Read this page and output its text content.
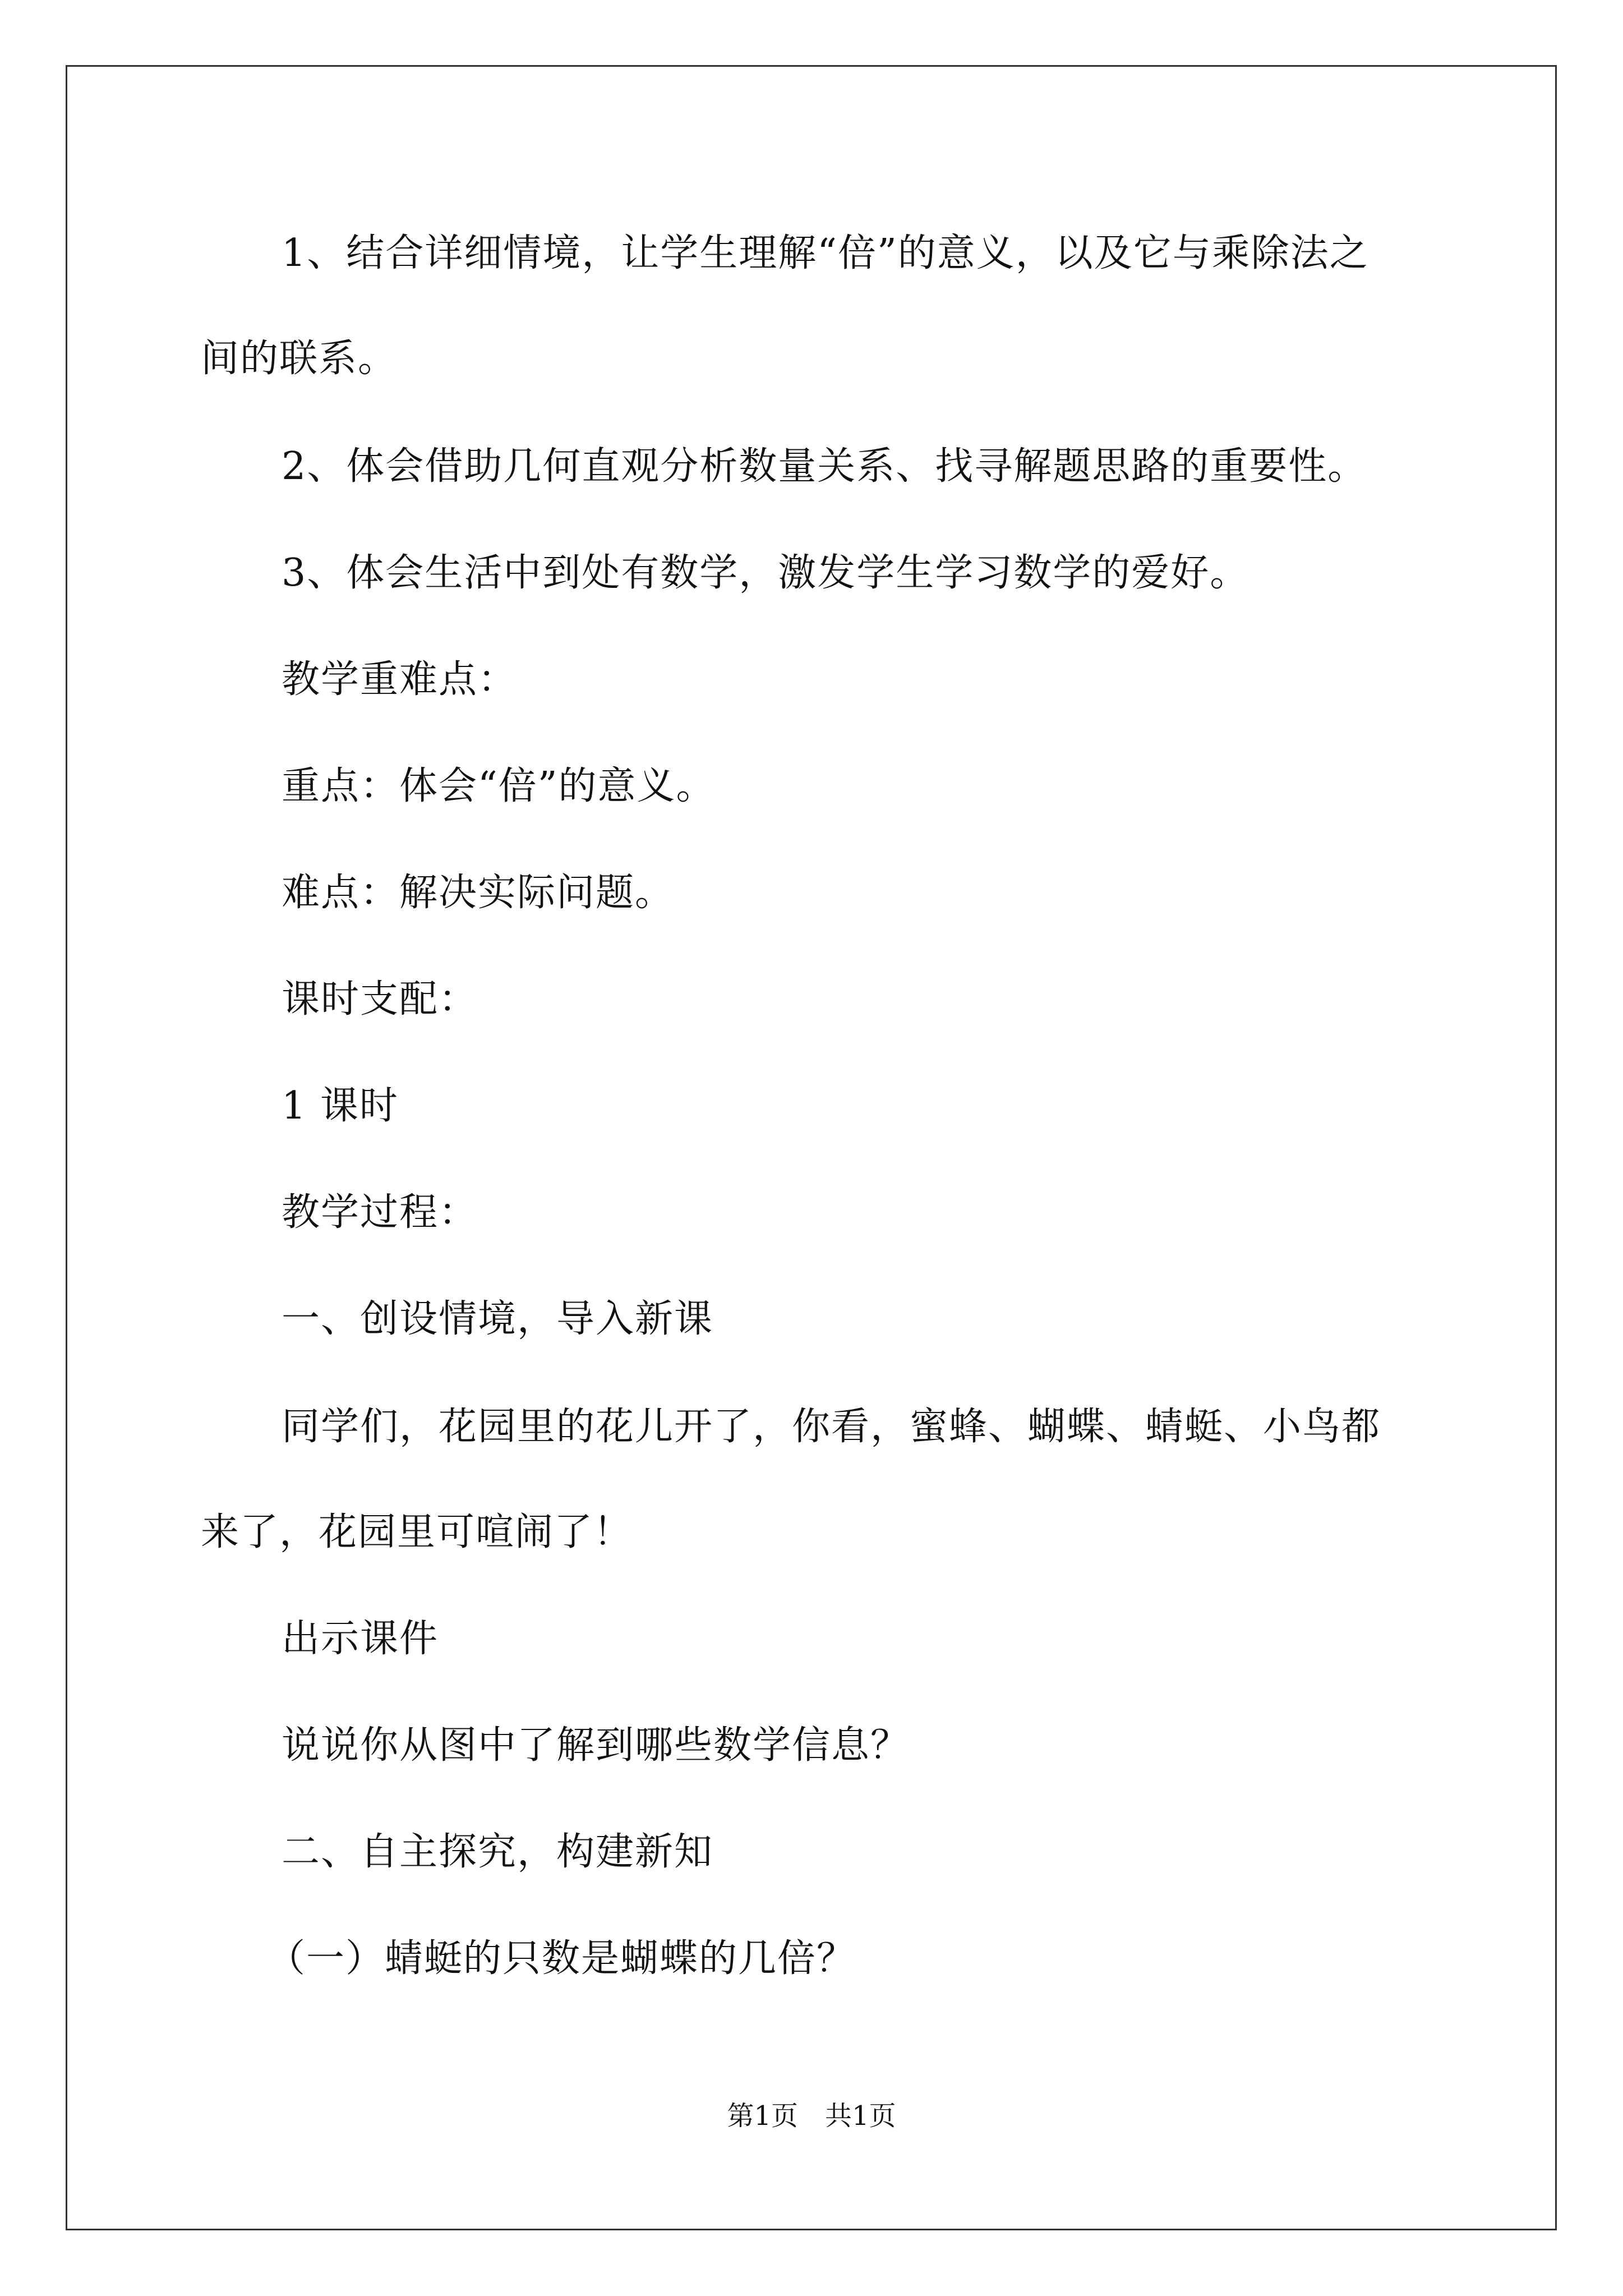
1、结合详细情境，让学生理解“倍”的意义，以及它与乘除法之
间的联系。
2、体会借助几何直观分析数量关系、找寻解题思路的重要性。
3、体会生活中到处有数学，激发学生学习数学的爱好。
教学重难点：
重点：体会“倍”的意义。
难点：解决实际问题。
课时支配：
1 课时
教学过程：
一、创设情境，导入新课
同学们，花园里的花儿开了，你看，蜜蜂、蝴蝶、蜻蜓、小鸟都
来了，花园里可喧闹了！
出示课件
说说你从图中了解到哪些数学信息？
二、自主探究，构建新知
（一）蜻蜓的只数是蝴蝶的几倍？
第1页 共1页
